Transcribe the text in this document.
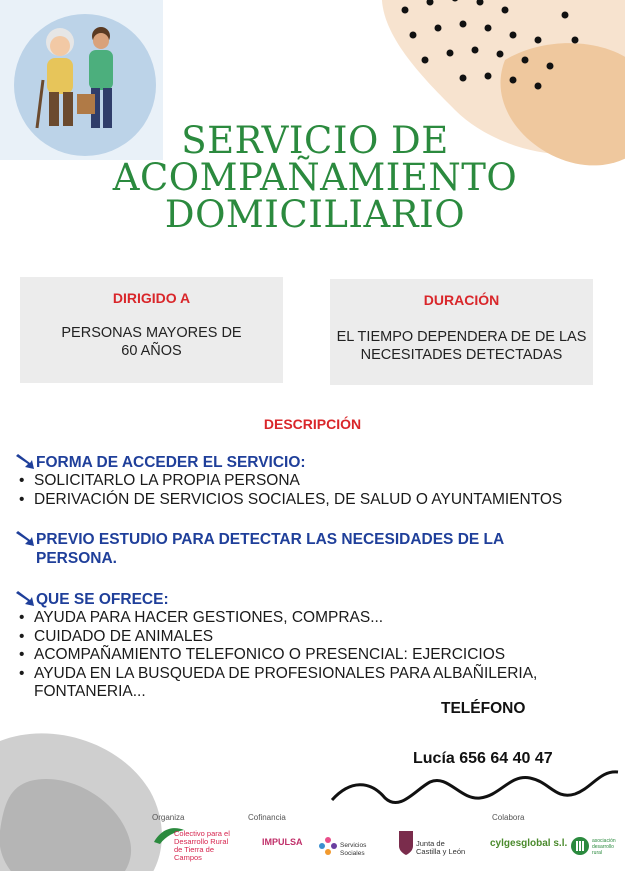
SERVICIO DE
ACOMPAÑAMIENTO
DOMICILIARIO
DIRIGIDO A
PERSONAS MAYORES DE 60 AÑOS
DURACIÓN
EL TIEMPO DEPENDERA DE DE LAS NECESITADES DETECTADAS
DESCRIPCIÓN
FORMA DE ACCEDER EL SERVICIO:
• SOLICITARLO LA PROPIA PERSONA
• DERIVACIÓN DE SERVICIOS SOCIALES, DE SALUD O AYUNTAMIENTOS
PREVIO ESTUDIO PARA DETECTAR LAS NECESIDADES DE LA PERSONA.
QUE SE OFRECE:
• AYUDA PARA HACER GESTIONES, COMPRAS...
• CUIDADO DE ANIMALES
• ACOMPAÑAMIENTO TELEFONICO O PRESENCIAL: EJERCICIOS
• AYUDA EN LA BUSQUEDA DE PROFESIONALES PARA ALBAÑILERIA, FONTANERIA...
TELÉFONO
Lucía 656 64 40 47
Organiza	Cofinancia	Colabora
Colectivo para el Desarrollo Rural de Tierra de Campos
IMPULSA	Servicios Sociales
Junta de Castilla y León
cylgesglobal s.l.	asociación desarrollo rural
